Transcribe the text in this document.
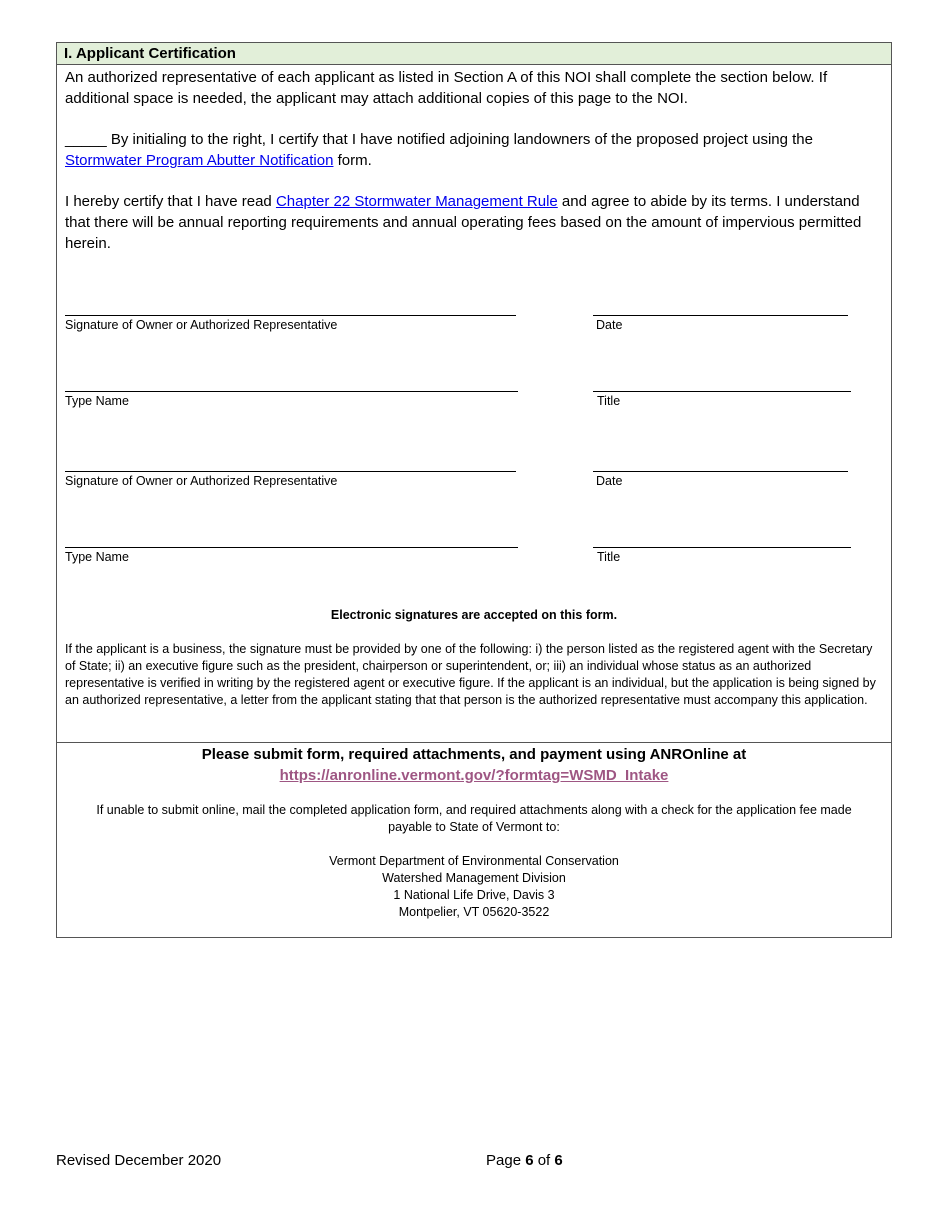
I. Applicant Certification

An authorized representative of each applicant as listed in Section A of this NOI shall complete the section below. If additional space is needed, the applicant may attach additional copies of this page to the NOI.

_____ By initialing to the right, I certify that I have notified adjoining landowners of the proposed project using the Stormwater Program Abutter Notification form.

I hereby certify that I have read Chapter 22 Stormwater Management Rule and agree to abide by its terms. I understand that there will be annual reporting requirements and annual operating fees based on the amount of impervious permitted herein.

Signature of Owner or Authorized Representative	Date
Type Name	Title
Signature of Owner or Authorized Representative	Date
Type Name	Title
Electronic signatures are accepted on this form.
If the applicant is a business, the signature must be provided by one of the following: i) the person listed as the registered agent with the Secretary of State; ii) an executive figure such as the president, chairperson or superintendent, or; iii) an individual whose status as an authorized representative is verified in writing by the registered agent or executive figure. If the applicant is an individual, but the application is being signed by an authorized representative, a letter from the applicant stating that that person is the authorized representative must accompany this application.
Please submit form, required attachments, and payment using ANROnline at
https://anronline.vermont.gov/?formtag=WSMD_Intake
If unable to submit online, mail the completed application form, and required attachments along with a check for the application fee made payable to State of Vermont to:
Vermont Department of Environmental Conservation
Watershed Management Division
1 National Life Drive, Davis 3
Montpelier, VT 05620-3522
Revised December 2020	Page 6 of 6
